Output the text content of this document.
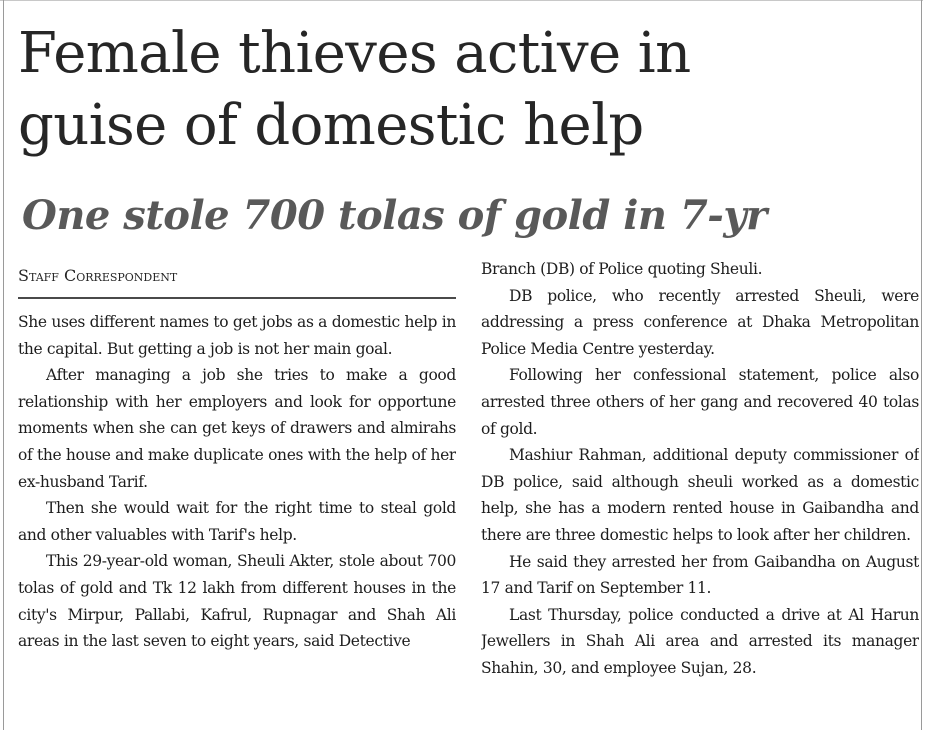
Female thieves active in
guise of domestic help
One stole 700 tolas of gold in 7-yr
Staff Correspondent

She uses different names to get jobs as a domestic help in the capital. But getting a job is not her main goal.

After managing a job she tries to make a good relationship with her employers and look for opportune moments when she can get keys of drawers and almirahs of the house and make duplicate ones with the help of her ex-husband Tarif.

Then she would wait for the right time to steal gold and other valuables with Tarif's help.

This 29-year-old woman, Sheuli Akter, stole about 700 tolas of gold and Tk 12 lakh from different houses in the city's Mirpur, Pallabi, Kafrul, Rupnagar and Shah Ali areas in the last seven to eight years, said Detective

Branch (DB) of Police quoting Sheuli.

DB police, who recently arrested Sheuli, were addressing a press conference at Dhaka Metropolitan Police Media Centre yesterday.

Following her confessional statement, police also arrested three others of her gang and recovered 40 tolas of gold.

Mashiur Rahman, additional deputy commissioner of DB police, said although sheuli worked as a domestic help, she has a modern rented house in Gaibandha and there are three domestic helps to look after her children.

He said they arrested her from Gaibandha on August 17 and Tarif on September 11.

Last Thursday, police conducted a drive at Al Harun Jewellers in Shah Ali area and arrested its manager Shahin, 30, and employee Sujan, 28.
